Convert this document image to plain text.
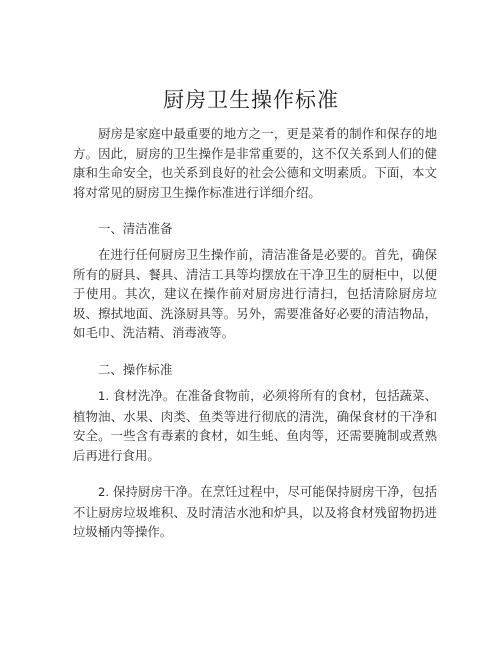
厨房卫生操作标准

厨房是家庭中最重要的地方之一，更是菜肴的制作和保存的地方。因此，厨房的卫生操作是非常重要的，这不仅关系到人们的健康和生命安全，也关系到良好的社会公德和文明素质。下面，本文将对常见的厨房卫生操作标准进行详细介绍。

一、清洁准备

在进行任何厨房卫生操作前，清洁准备是必要的。首先，确保所有的厨具、餐具、清洁工具等均摆放在干净卫生的厨柜中，以便于使用。其次，建议在操作前对厨房进行清扫，包括清除厨房垃圾、擦拭地面、洗涤厨具等。另外，需要准备好必要的清洁物品，如毛巾、洗洁精、消毒液等。

二、操作标准

1. 食材洗净。在准备食物前，必须将所有的食材，包括蔬菜、植物油、水果、肉类、鱼类等进行彻底的清洗，确保食材的干净和安全。一些含有毒素的食材，如生蚝、鱼肉等，还需要腌制或煮熟后再进行食用。

2. 保持厨房干净。在烹饪过程中，尽可能保持厨房干净，包括不让厨房垃圾堆积、及时清洁水池和炉具，以及将食材残留物扔进垃圾桶内等操作。
